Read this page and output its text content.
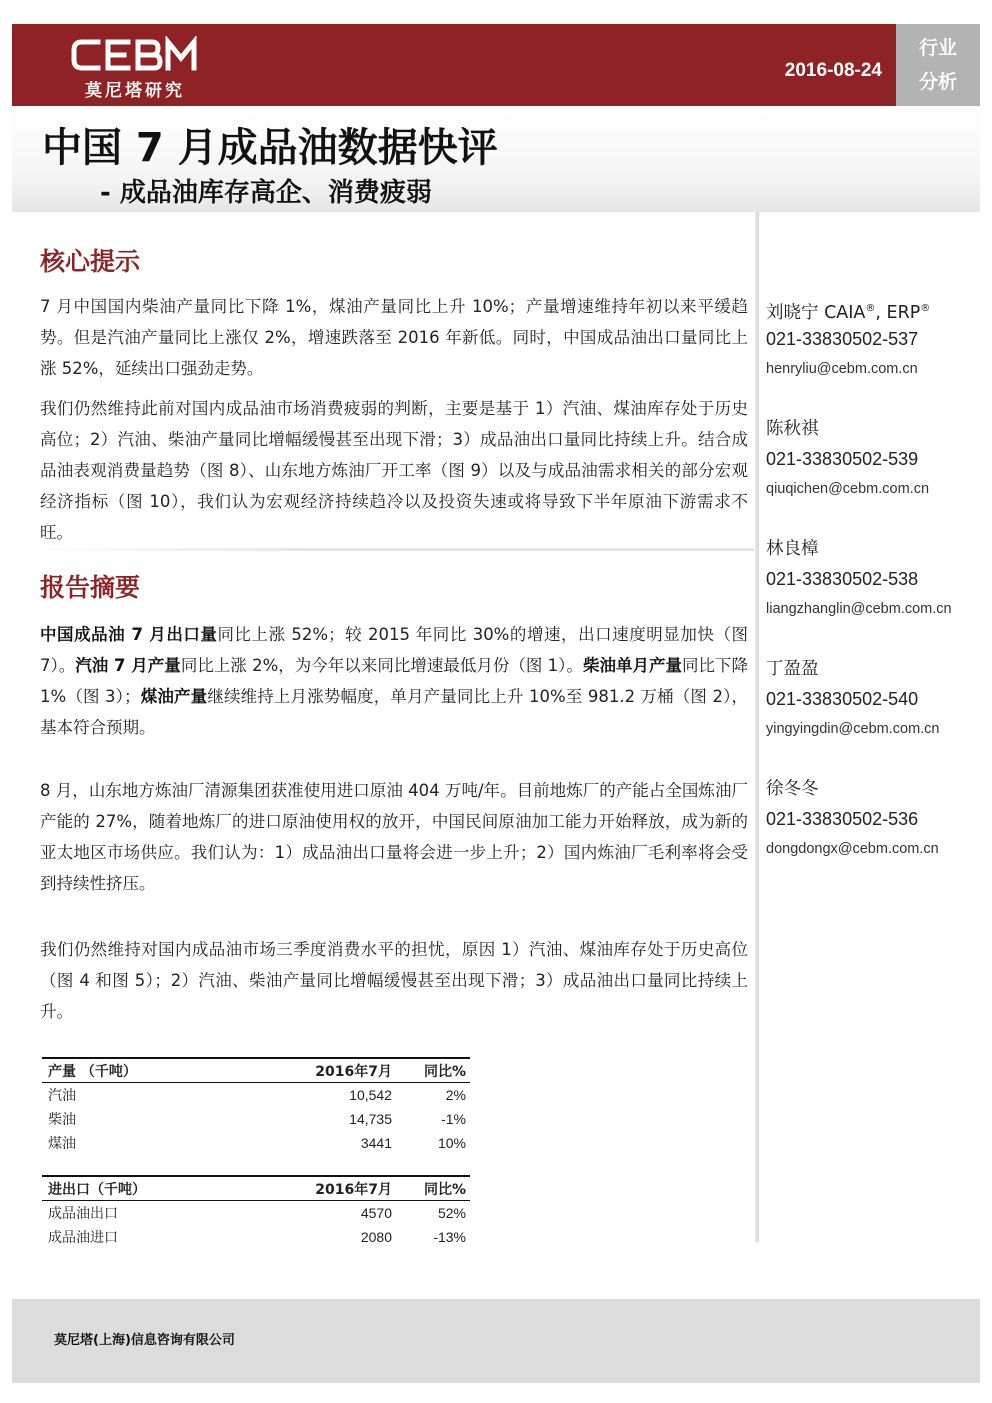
莫尼塔研究
2016-08-24
行业
分析
中国 7 月成品油数据快评
- 成品油库存高企、消费疲弱
核心提示

7 月中国国内柴油产量同比下降 1%，煤油产量同比上升 10%；产量增速维持年初以来平缓趋势。但是汽油产量同比上涨仅 2%，增速跌落至 2016 年新低。同时，中国成品油出口量同比上涨 52%，延续出口强劲走势。

我们仍然维持此前对国内成品油市场消费疲弱的判断，主要是基于 1）汽油、煤油库存处于历史高位；2）汽油、柴油产量同比增幅缓慢甚至出现下滑；3）成品油出口量同比持续上升。结合成品油表观消费量趋势（图 8）、山东地方炼油厂开工率（图 9）以及与成品油需求相关的部分宏观经济指标（图 10），我们认为宏观经济持续趋冷以及投资失速或将导致下半年原油下游需求不旺。

报告摘要

中国成品油 7 月出口量同比上涨 52%；较 2015 年同比 30%的增速，出口速度明显加快（图 7）。汽油 7 月产量同比上涨 2%，为今年以来同比增速最低月份（图 1）。柴油单月产量同比下降 1%（图 3）；煤油产量继续维持上月涨势幅度，单月产量同比上升 10%至 981.2 万桶（图 2），基本符合预期。

8 月，山东地方炼油厂清源集团获准使用进口原油 404 万吨/年。目前地炼厂的产能占全国炼油厂产能的 27%，随着地炼厂的进口原油使用权的放开，中国民间原油加工能力开始释放，成为新的亚太地区市场供应。我们认为：1）成品油出口量将会进一步上升；2）国内炼油厂毛利率将会受到持续性挤压。

我们仍然维持对国内成品油市场三季度消费水平的担忧，原因 1）汽油、煤油库存处于历史高位（图 4 和图 5）；2）汽油、柴油产量同比增幅缓慢甚至出现下滑；3）成品油出口量同比持续上升。

产量 （千吨）	2016年7月	同比%
汽油	10,542	2%
柴油	14,735	-1%
煤油	3441	10%

进出口（千吨）	2016年7月	同比%
成品油出口	4570	52%
成品油进口	2080	-13%
刘晓宁 CAIA®, ERP®
021-33830502-537
henryliu@cebm.com.cn
陈秋祺
021-33830502-539
qiuqichen@cebm.com.cn
林良樟
021-33830502-538
liangzhanglin@cebm.com.cn
丁盈盈
021-33830502-540
yingyingdin@cebm.com.cn
徐冬冬
021-33830502-536
dongdongx@cebm.com.cn
莫尼塔(上海)信息咨询有限公司
